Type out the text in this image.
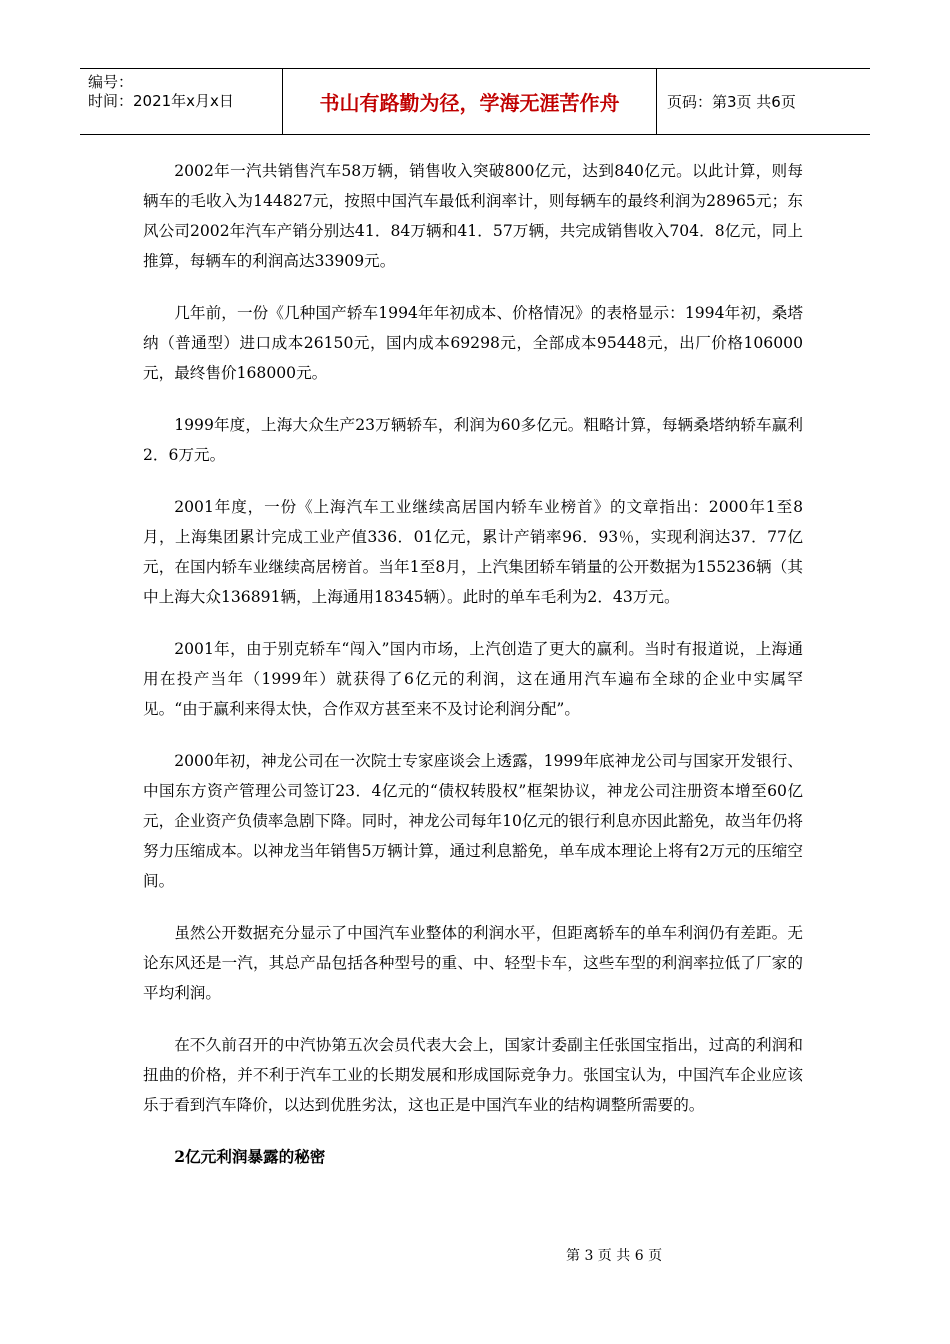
编号：
时间：2021年x月x日	书山有路勤为径，学海无涯苦作舟	页码：第3页 共6页

2002年一汽共销售汽车58万辆，销售收入突破800亿元，达到840亿元。以此计算，则每辆车的毛收入为144827元，按照中国汽车最低利润率计，则每辆车的最终利润为28965元；东风公司2002年汽车产销分别达41．84万辆和41．57万辆，共完成销售收入704．8亿元，同上推算，每辆车的利润高达33909元。

几年前，一份《几种国产轿车1994年年初成本、价格情况》的表格显示：1994年初，桑塔纳（普通型）进口成本26150元，国内成本69298元，全部成本95448元，出厂价格106000元，最终售价168000元。

1999年度，上海大众生产23万辆轿车，利润为60多亿元。粗略计算，每辆桑塔纳轿车赢利2．6万元。

2001年度，一份《上海汽车工业继续高居国内轿车业榜首》的文章指出：2000年1至8月，上海集团累计完成工业产值336．01亿元，累计产销率96．93％，实现利润达37．77亿元，在国内轿车业继续高居榜首。当年1至8月，上汽集团轿车销量的公开数据为155236辆（其中上海大众136891辆，上海通用18345辆）。此时的单车毛利为2．43万元。

2001年，由于别克轿车“闯入”国内市场，上汽创造了更大的赢利。当时有报道说，上海通用在投产当年（1999年）就获得了6亿元的利润，这在通用汽车遍布全球的企业中实属罕见。“由于赢利来得太快，合作双方甚至来不及讨论利润分配”。

2000年初，神龙公司在一次院士专家座谈会上透露，1999年底神龙公司与国家开发银行、中国东方资产管理公司签订23．4亿元的“债权转股权”框架协议，神龙公司注册资本增至60亿元，企业资产负债率急剧下降。同时，神龙公司每年10亿元的银行利息亦因此豁免，故当年仍将努力压缩成本。以神龙当年销售5万辆计算，通过利息豁免，单车成本理论上将有2万元的压缩空间。

虽然公开数据充分显示了中国汽车业整体的利润水平，但距离轿车的单车利润仍有差距。无论东风还是一汽，其总产品包括各种型号的重、中、轻型卡车，这些车型的利润率拉低了厂家的平均利润。

在不久前召开的中汽协第五次会员代表大会上，国家计委副主任张国宝指出，过高的利润和扭曲的价格，并不利于汽车工业的长期发展和形成国际竞争力。张国宝认为，中国汽车企业应该乐于看到汽车降价，以达到优胜劣汰，这也正是中国汽车业的结构调整所需要的。

2亿元利润暴露的秘密

第 3 页 共 6 页
